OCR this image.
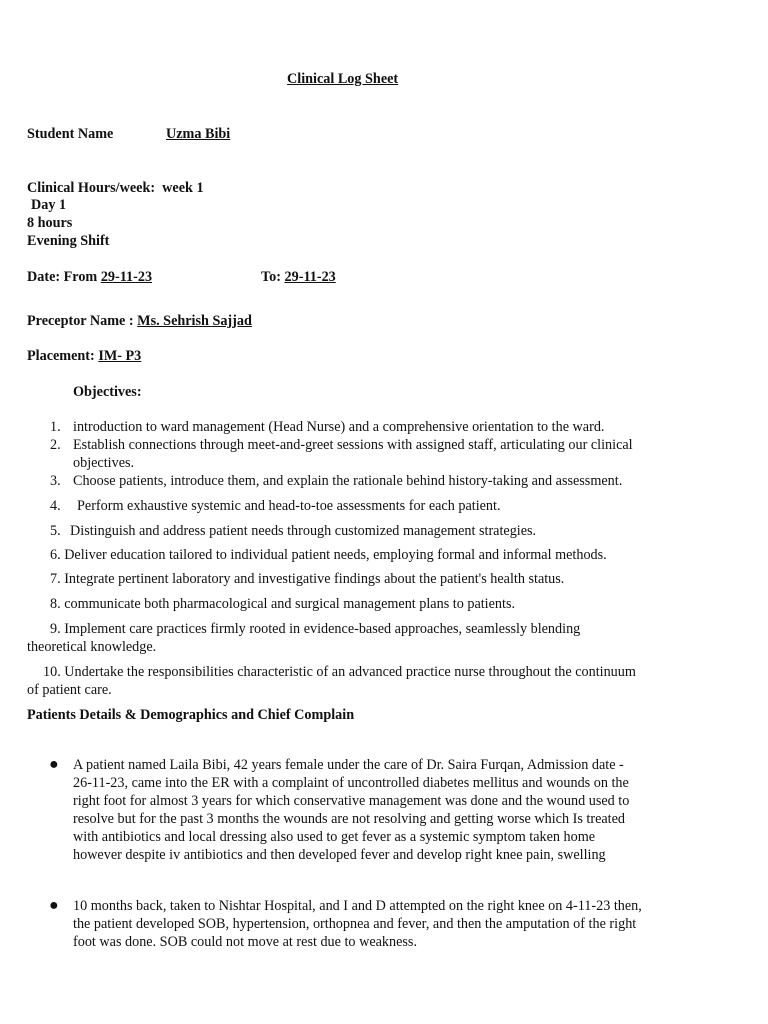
Clinical Log Sheet
Student Name	Uzma Bibi
Clinical Hours/week: week 1
Day 1
8 hours
Evening Shift
Date: From 29-11-23	To: 29-11-23
Preceptor Name : Ms. Sehrish Sajjad
Placement: IM- P3
Objectives:
1. introduction to ward management (Head Nurse) and a comprehensive orientation to the ward.
2. Establish connections through meet-and-greet sessions with assigned staff, articulating our clinical
objectives.
3. Choose patients, introduce them, and explain the rationale behind history-taking and assessment.
4. Perform exhaustive systemic and head-to-toe assessments for each patient.
5. Distinguish and address patient needs through customized management strategies.
6. Deliver education tailored to individual patient needs, employing formal and informal methods.
7. Integrate pertinent laboratory and investigative findings about the patient's health status.
8. communicate both pharmacological and surgical management plans to patients.
9. Implement care practices firmly rooted in evidence-based approaches, seamlessly blending
theoretical knowledge.
10. Undertake the responsibilities characteristic of an advanced practice nurse throughout the continuum
of patient care.
Patients Details & Demographics and Chief Complain
● A patient named Laila Bibi, 42 years female under the care of Dr. Saira Furqan, Admission date -
26-11-23, came into the ER with a complaint of uncontrolled diabetes mellitus and wounds on the
right foot for almost 3 years for which conservative management was done and the wound used to
resolve but for the past 3 months the wounds are not resolving and getting worse which Is treated
with antibiotics and local dressing also used to get fever as a systemic symptom taken home
however despite iv antibiotics and then developed fever and develop right knee pain, swelling
● 10 months back, taken to Nishtar Hospital, and I and D attempted on the right knee on 4-11-23 then,
the patient developed SOB, hypertension, orthopnea and fever, and then the amputation of the right
foot was done. SOB could not move at rest due to weakness.
